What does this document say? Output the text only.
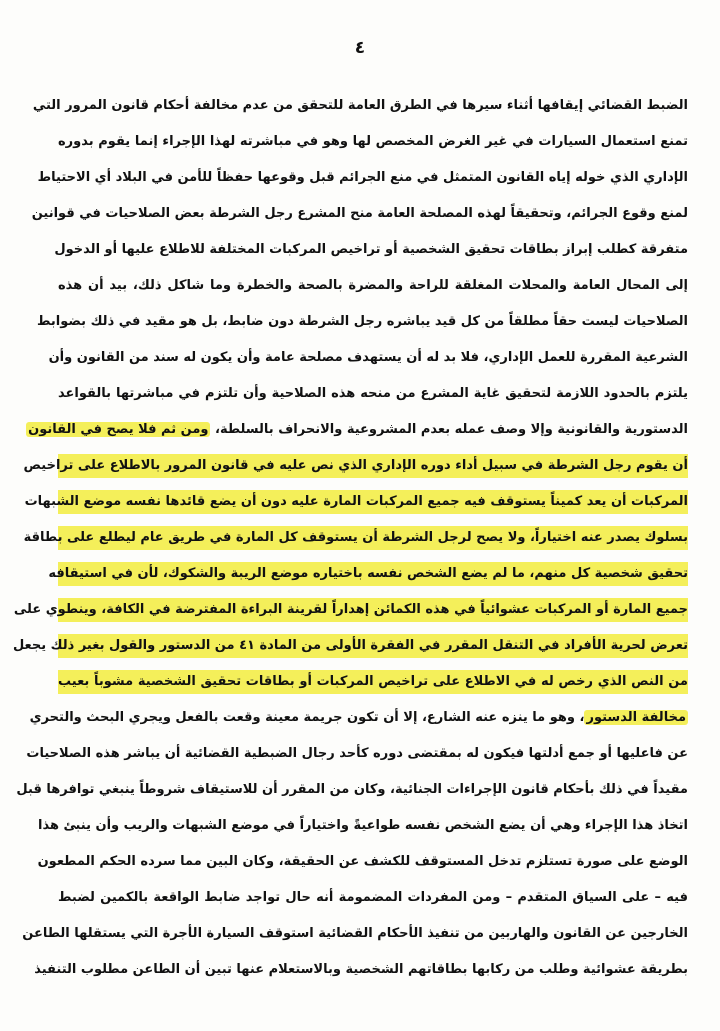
٤
الضبط القضائي إيقافها أثناء سيرها في الطرق العامة للتحقق من عدم مخالفة أحكام قانون المرور التي
تمنع استعمال السيارات في غير الغرض المخصص لها وهو في مباشرته لهذا الإجراء إنما يقوم بدوره
الإداري الذي خوله إياه القانون المتمثل في منع الجرائم قبل وقوعها حفظاً للأمن في البلاد أي الاحتياط
لمنع وقوع الجرائم، وتحقيقاً لهذه المصلحة العامة منح المشرع رجل الشرطة بعض الصلاحيات في قوانين
متفرقة كطلب إبراز بطاقات تحقيق الشخصية أو تراخيص المركبات المختلفة للاطلاع عليها أو الدخول
إلى المحال العامة والمحلات المغلقة للراحة والمضرة بالصحة والخطرة وما شاكل ذلك، بيد أن هذه
الصلاحيات ليست حقاً مطلقاً من كل قيد يباشره رجل الشرطة دون ضابط، بل هو مقيد في ذلك بضوابط
الشرعية المقررة للعمل الإداري، فلا بد له أن يستهدف مصلحة عامة وأن يكون له سند من القانون وأن
يلتزم بالحدود اللازمة لتحقيق غاية المشرع من منحه هذه الصلاحية وأن تلتزم في مباشرتها بالقواعد
الدستورية والقانونية وإلا وصف عمله بعدم المشروعية والانحراف بالسلطة، ومن ثم فلا يصح في القانون
أن يقوم رجل الشرطة في سبيل أداء دوره الإداري الذي نص عليه في قانون المرور بالاطلاع على تراخيص
المركبات أن يعد كميناً يستوقف فيه جميع المركبات المارة عليه دون أن يضع قائدها نفسه موضع الشبهات
بسلوك يصدر عنه اختياراً، ولا يصح لرجل الشرطة أن يستوقف كل المارة في طريق عام ليطلع على بطاقة
تحقيق شخصية كل منهم، ما لم يضع الشخص نفسه باختياره موضع الريبة والشكوك، لأن في استيقافه
جميع المارة أو المركبات عشوائياً في هذه الكمائن إهداراً لقرينة البراءة المفترضة في الكافة، وينطوي على
تعرض لحرية الأفراد في التنقل المقرر في الفقرة الأولى من المادة ٤١ من الدستور والقول بغير ذلك يجعل
من النص الذي رخص له في الاطلاع على تراخيص المركبات أو بطاقات تحقيق الشخصية مشوباً بعيب
مخالفة الدستور، وهو ما ينزه عنه الشارع، إلا أن تكون جريمة معينة وقعت بالفعل ويجري البحث والتحري
عن فاعليها أو جمع أدلتها فيكون له بمقتضى دوره كأحد رجال الضبطية القضائية أن يباشر هذه الصلاحيات
مقيداً في ذلك بأحكام قانون الإجراءات الجنائية، وكان من المقرر أن للاستيقاف شروطاً ينبغي توافرها قبل
اتخاذ هذا الإجراء وهي أن يضع الشخص نفسه طواعيةً واختياراً في موضع الشبهات والريب وأن ينبئ هذا
الوضع على صورة تستلزم تدخل المستوقف للكشف عن الحقيقة، وكان البين مما سرده الحكم المطعون
فيه – على السياق المتقدم – ومن المفردات المضمومة أنه حال تواجد ضابط الواقعة بالكمين لضبط
الخارجين عن القانون والهاربين من تنفيذ الأحكام القضائية استوقف السيارة الأجرة التي يستقلها الطاعن
بطريقة عشوائية وطلب من ركابها بطاقاتهم الشخصية وبالاستعلام عنها تبين أن الطاعن مطلوب التنفيذ
